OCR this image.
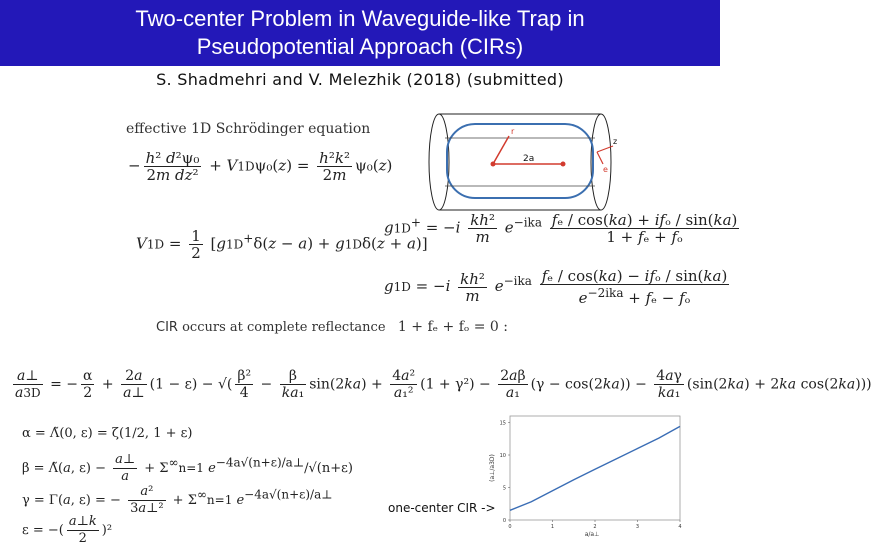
Two-center Problem in Waveguide-like Trap in
Pseudopotential Approach (CIRs)
S. Shadmehri and V. Melezhik (2018) (submitted)
effective 1D Schrödinger equation
− $\frac{\text{h² d²ψ₀}}{\text{2m dz²}} + V1D\psi_0(z) = \frac{\text{h²k²}}{2m} \psi_0(z)$
$V1D = \frac{1}{2} [g1D^+\delta(z - a) + g1D\delta(z + a)]$
$g1D^+ = -i \frac{\text{kh²}}{m} e^{-ika} \frac{\text{fₑ / cos(ka) + ifₒ / sin(ka)}}{\text{1 + fₑ + fₒ}}$
$g1D = -i \frac{\text{kh²}}{m} e^{-ika} \frac{\text{fₑ / cos(ka) − ifₒ / sin(ka)}}{e^{-2ika} + f_e - f_o}$
CIR occurs at complete reflectance 1 + fₑ + fₒ = 0 :
$\frac{a\perp}{a3D}$ = − $\frac{\alpha}{2} + \frac{2a}{a\perp} (1 - \varepsilon)$ − √( $\frac{\text{β²}}{4} - \frac{\beta}{\text{ka₁}} \sin(2ka) + \frac{\text{4a²}}{\text{a₁²}} (1 + \gamma^2) - \frac{2a\beta}{\text{a₁}} (\gamma - \cos(2ka)) - \frac{4a\gamma}{\text{ka₁}} (\sin(2ka) + 2ka$ cos(2ka)))
α = Λ̃(0, ε) = ζ(1/2, 1 + ε)
β = Λ̃(a, $\varepsilon) - \frac{a\perp}{a} + \Sigma^\infty n=1$ $e^{-4a√(n+\varepsilon)/a\perp}/√(n+\varepsilon)$
γ = Γ(a, ε) = − $\frac{\text{a²}}{\text{3a⊥²}} + \Sigma^\infty n=1$ $e^{-4a√(n+\varepsilon)/a\perp}$
ε = −( $\frac{a\perp k}{2} )^2$
r
2a
z
e
one-center CIR ->
0	1	2	3	4
0
5
10
15
a/a⊥
(a⊥/a3D)
